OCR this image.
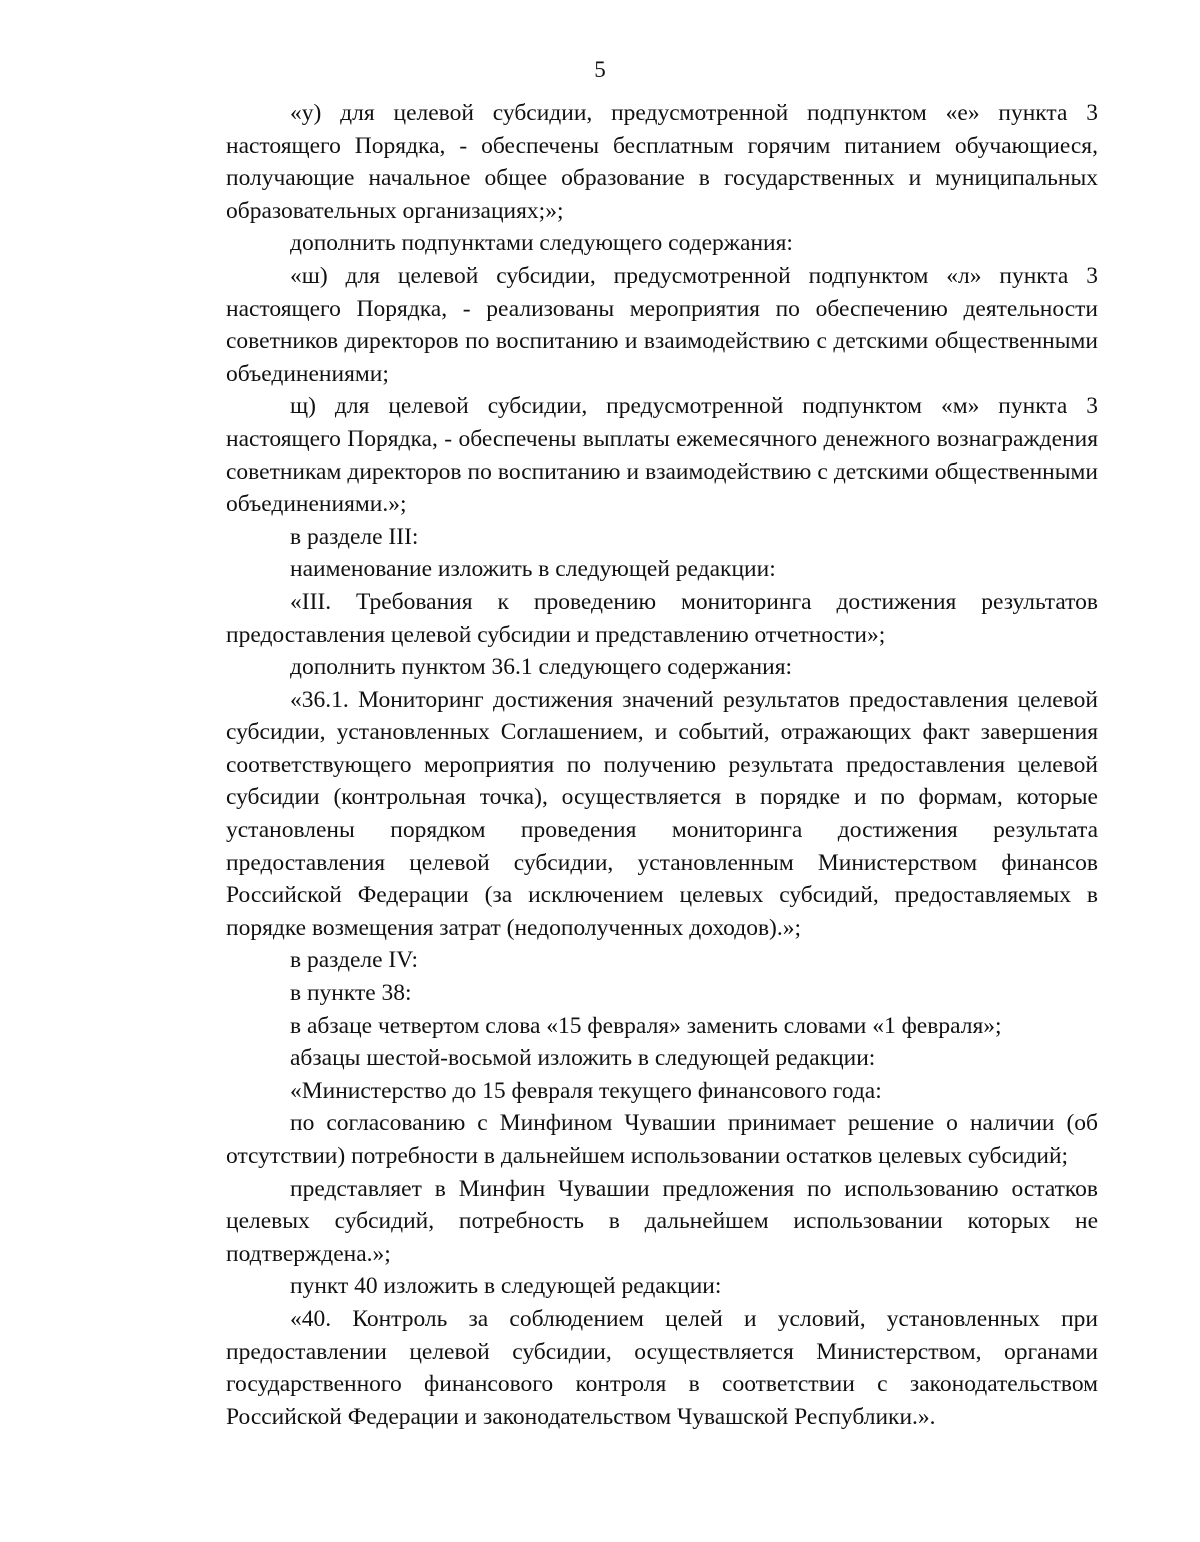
5

«у) для целевой субсидии, предусмотренной подпунктом «е» пункта 3 настоящего Порядка, - обеспечены бесплатным горячим питанием обучающиеся, получающие начальное общее образование в государственных и муниципальных образовательных организациях;»;

дополнить подпунктами следующего содержания:

«ш) для целевой субсидии, предусмотренной подпунктом «л» пункта 3 настоящего Порядка, - реализованы мероприятия по обеспечению деятельности советников директоров по воспитанию и взаимодействию с детскими общественными объединениями;

щ) для целевой субсидии, предусмотренной подпунктом «м» пункта 3 настоящего Порядка, - обеспечены выплаты ежемесячного денежного вознаграждения советникам директоров по воспитанию и взаимодействию с детскими общественными объединениями.»;

в разделе III:

наименование изложить в следующей редакции:

«III. Требования к проведению мониторинга достижения результатов предоставления целевой субсидии и представлению отчетности»;

дополнить пунктом 36.1 следующего содержания:

«36.1. Мониторинг достижения значений результатов предоставления целевой субсидии, установленных Соглашением, и событий, отражающих факт завершения соответствующего мероприятия по получению результата предоставления целевой субсидии (контрольная точка), осуществляется в порядке и по формам, которые установлены порядком проведения мониторинга достижения результата предоставления целевой субсидии, установленным Министерством финансов Российской Федерации (за исключением целевых субсидий, предоставляемых в порядке возмещения затрат (недополученных доходов).»;

в разделе IV:

в пункте 38:

в абзаце четвертом слова «15 февраля» заменить словами «1 февраля»;

абзацы шестой-восьмой изложить в следующей редакции:

«Министерство до 15 февраля текущего финансового года:

по согласованию с Минфином Чувашии принимает решение о наличии (об отсутствии) потребности в дальнейшем использовании остатков целевых субсидий;

представляет в Минфин Чувашии предложения по использованию остатков целевых субсидий, потребность в дальнейшем использовании которых не подтверждена.»;

пункт 40 изложить в следующей редакции:

«40. Контроль за соблюдением целей и условий, установленных при предоставлении целевой субсидии, осуществляется Министерством, органами государственного финансового контроля в соответствии с законодательством Российской Федерации и законодательством Чувашской Республики.».
